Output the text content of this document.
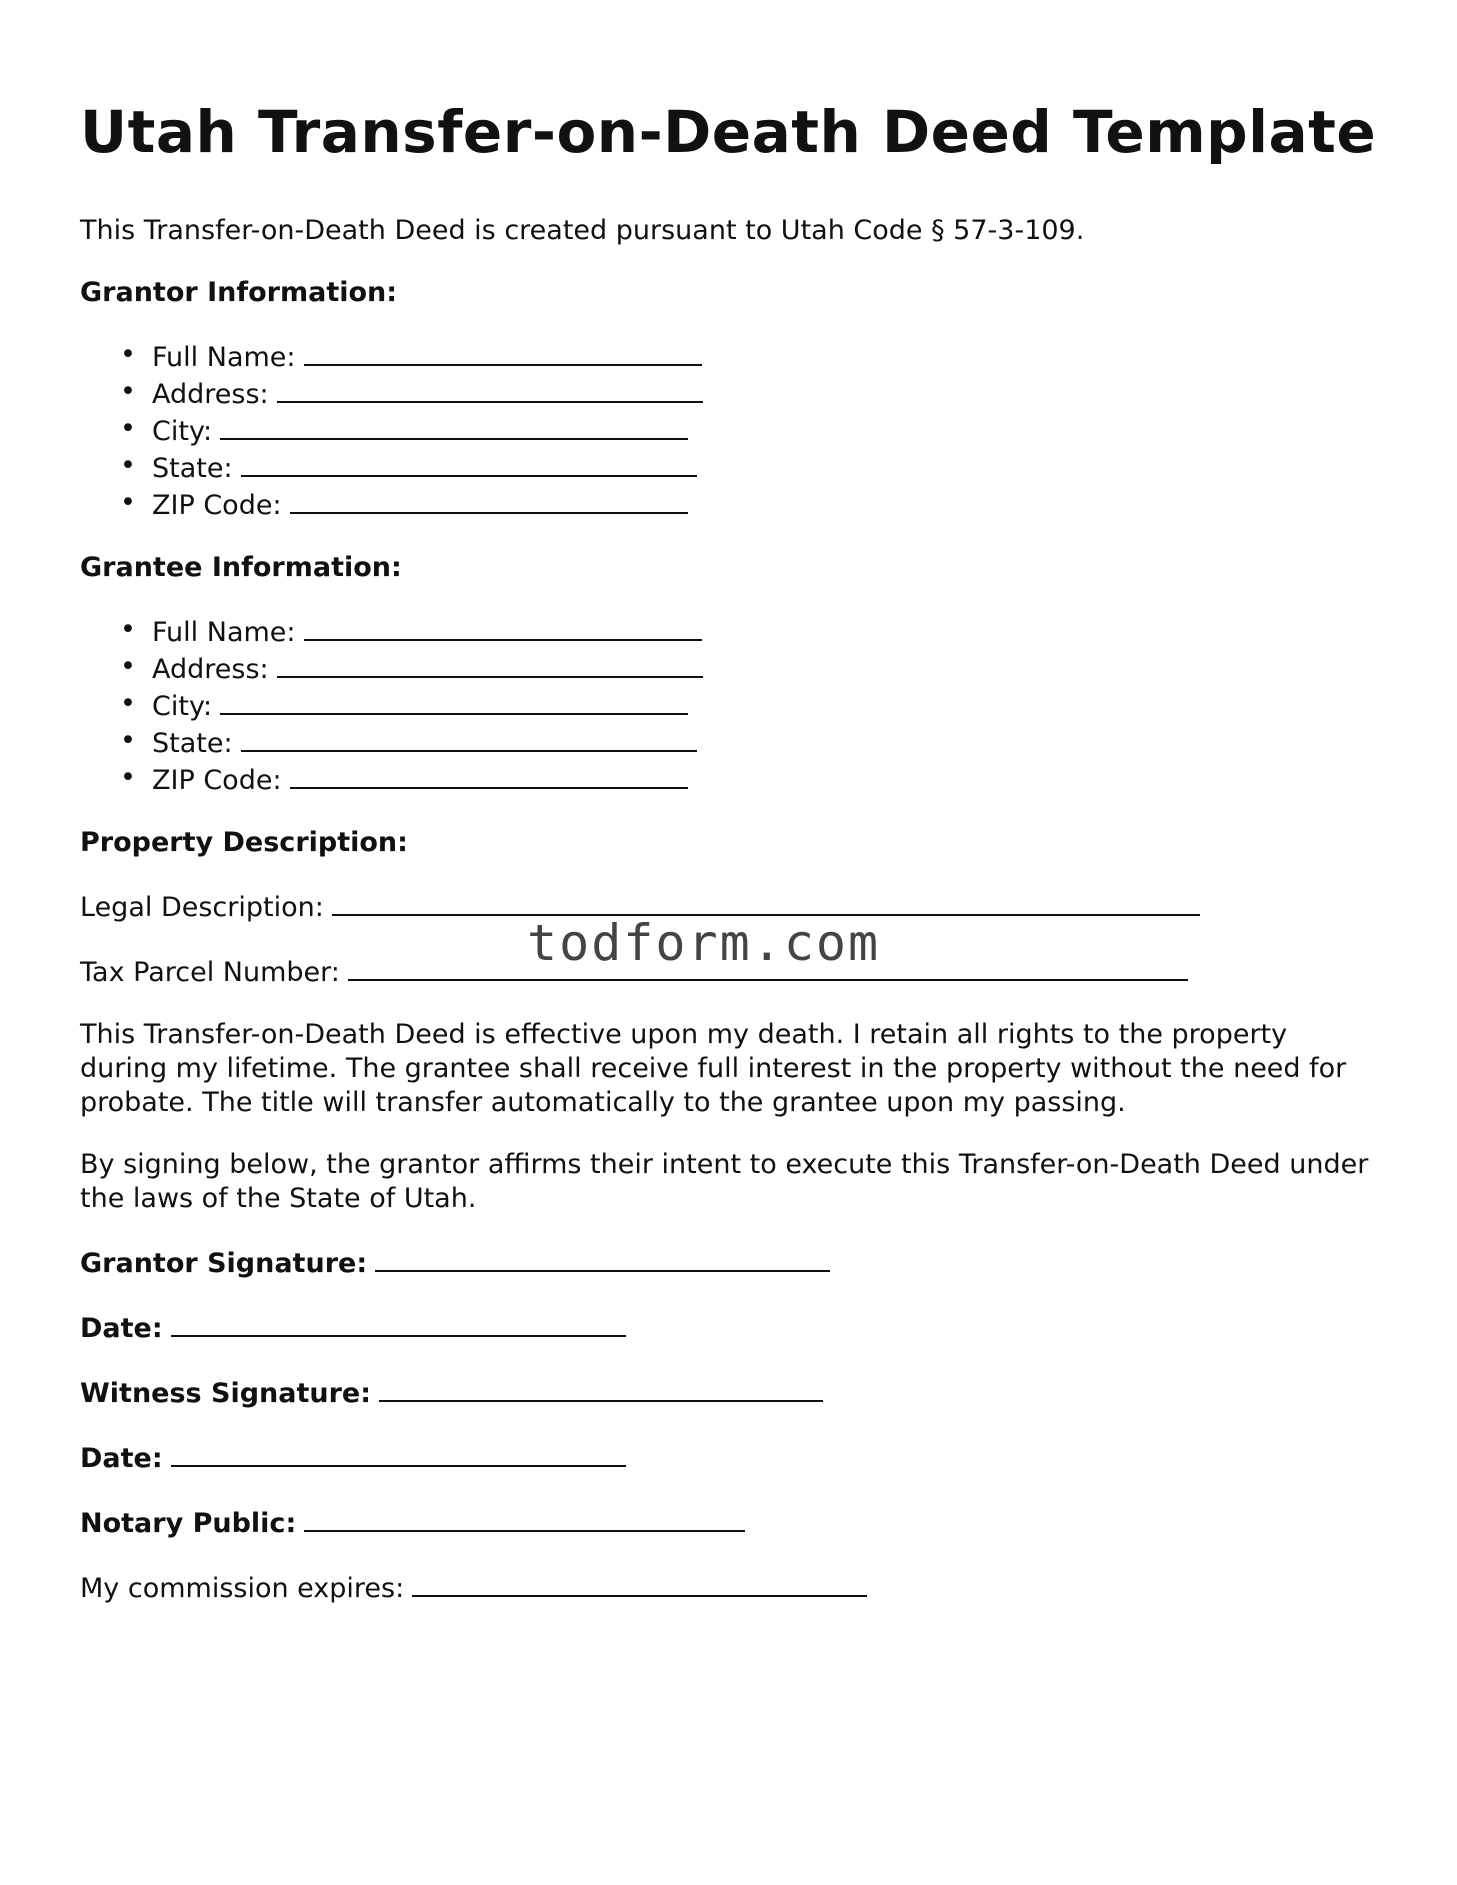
Utah Transfer-on-Death Deed Template

This Transfer-on-Death Deed is created pursuant to Utah Code § 57-3-109.

Grantor Information:

• Full Name:
• Address:
• City:
• State:
• ZIP Code:

Grantee Information:

• Full Name:
• Address:
• City:
• State:
• ZIP Code:

Property Description:

Legal Description:

Tax Parcel Number:

This Transfer-on-Death Deed is effective upon my death. I retain all rights to the property during my lifetime. The grantee shall receive full interest in the property without the need for probate. The title will transfer automatically to the grantee upon my passing.

By signing below, the grantor affirms their intent to execute this Transfer-on-Death Deed under the laws of the State of Utah.

Grantor Signature:

Date:

Witness Signature:

Date:

Notary Public:

My commission expires:

todform.com
